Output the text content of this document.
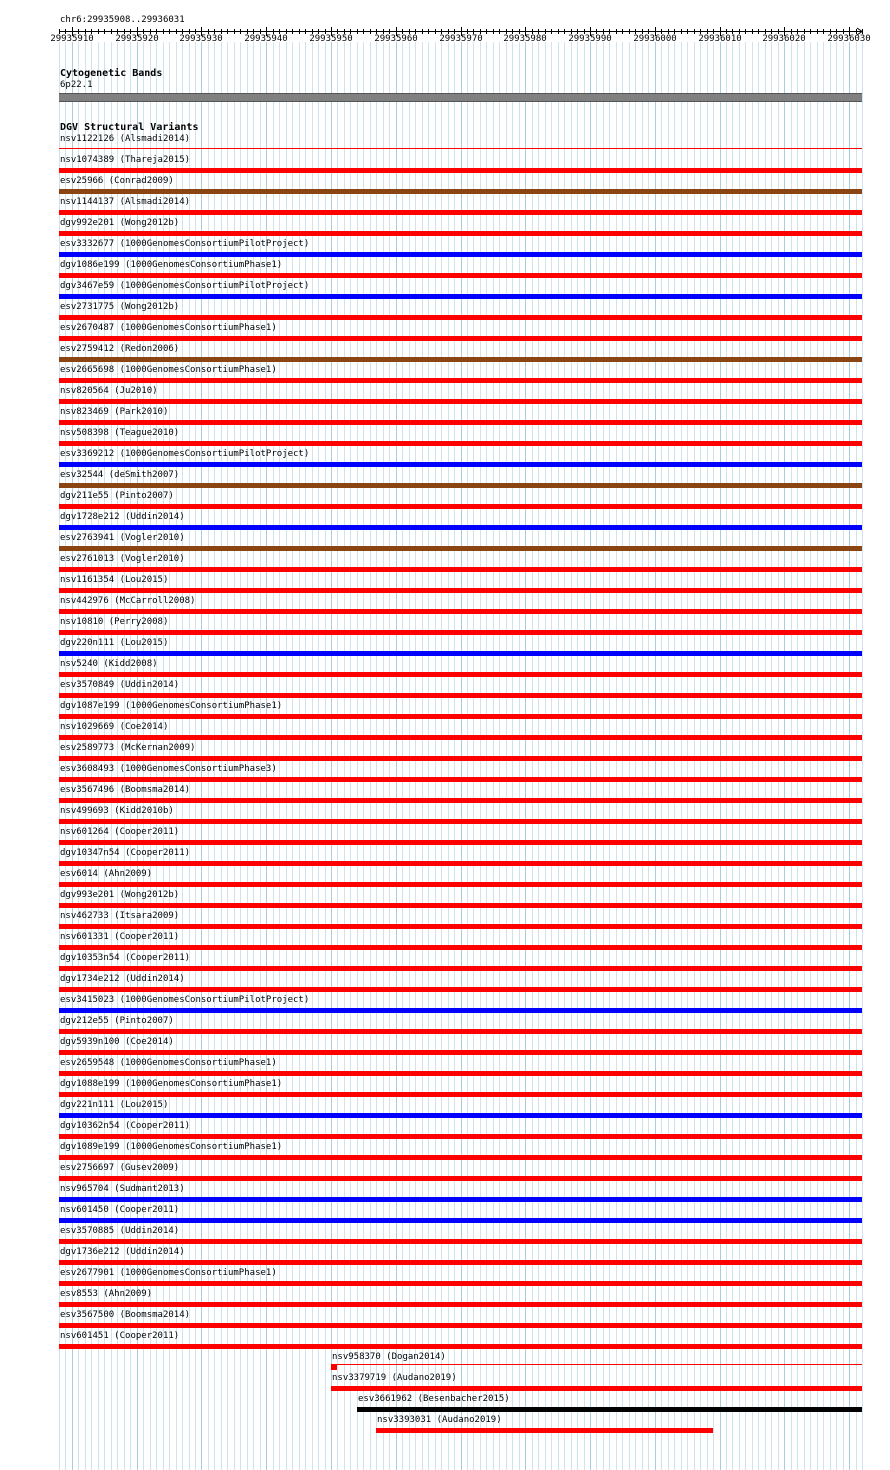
chr6:29935908..29936031
29935910 29935920 29935930 29935940 29935950 29935960 29935970 29935980 29935990 29936000 29936010 29936020 29936030
Cytogenetic Bands
6p22.1
DGV Structural Variants
nsv1122126 (Alsmadi2014)
nsv1074389 (Thareja2015)
esv25966 (Conrad2009)
nsv1144137 (Alsmadi2014)
dgv992e201 (Wong2012b)
esv3332677 (1000GenomesConsortiumPilotProject)
dgv1086e199 (1000GenomesConsortiumPhase1)
dgv3467e59 (1000GenomesConsortiumPilotProject)
esv2731775 (Wong2012b)
esv2670487 (1000GenomesConsortiumPhase1)
esv2759412 (Redon2006)
esv2665698 (1000GenomesConsortiumPhase1)
nsv820564 (Ju2010)
nsv823469 (Park2010)
nsv508398 (Teague2010)
esv3369212 (1000GenomesConsortiumPilotProject)
esv32544 (deSmith2007)
dgv211e55 (Pinto2007)
dgv1728e212 (Uddin2014)
esv2763941 (Vogler2010)
esv2761013 (Vogler2010)
nsv1161354 (Lou2015)
nsv442976 (McCarroll2008)
nsv10810 (Perry2008)
dgv220n111 (Lou2015)
nsv5240 (Kidd2008)
esv3570849 (Uddin2014)
dgv1087e199 (1000GenomesConsortiumPhase1)
nsv1029669 (Coe2014)
esv2589773 (McKernan2009)
esv3608493 (1000GenomesConsortiumPhase3)
esv3567496 (Boomsma2014)
nsv499693 (Kidd2010b)
nsv601264 (Cooper2011)
dgv10347n54 (Cooper2011)
esv6014 (Ahn2009)
dgv993e201 (Wong2012b)
nsv462733 (Itsara2009)
nsv601331 (Cooper2011)
dgv10353n54 (Cooper2011)
dgv1734e212 (Uddin2014)
esv3415023 (1000GenomesConsortiumPilotProject)
dgv212e55 (Pinto2007)
dgv5939n100 (Coe2014)
esv2659548 (1000GenomesConsortiumPhase1)
dgv1088e199 (1000GenomesConsortiumPhase1)
dgv221n111 (Lou2015)
dgv10362n54 (Cooper2011)
dgv1089e199 (1000GenomesConsortiumPhase1)
esv2756697 (Gusev2009)
nsv965704 (Sudmant2013)
nsv601450 (Cooper2011)
esv3570885 (Uddin2014)
dgv1736e212 (Uddin2014)
esv2677901 (1000GenomesConsortiumPhase1)
esv8553 (Ahn2009)
esv3567500 (Boomsma2014)
nsv601451 (Cooper2011)
nsv958370 (Dogan2014)
nsv3379719 (Audano2019)
esv3661962 (Besenbacher2015)
nsv3393031 (Audano2019)
